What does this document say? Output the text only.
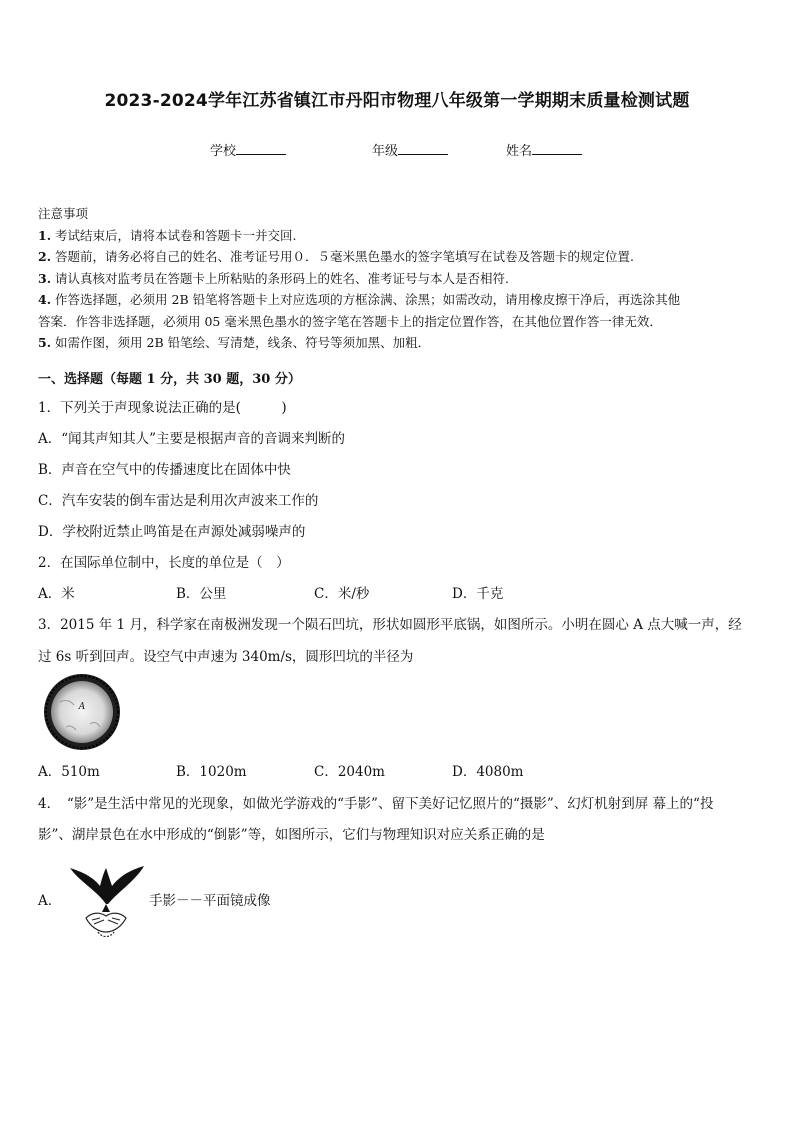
2023-2024学年江苏省镇江市丹阳市物理八年级第一学期期末质量检测试题
学校	年级	姓名
注意事项
1. 考试结束后，请将本试卷和答题卡一并交回.
2. 答题前，请务必将自己的姓名、准考证号用０．５毫米黑色墨水的签字笔填写在试卷及答题卡的规定位置.
3. 请认真核对监考员在答题卡上所粘贴的条形码上的姓名、准考证号与本人是否相符.
4. 作答选择题，必须用 2B 铅笔将答题卡上对应选项的方框涂满、涂黑；如需改动，请用橡皮擦干净后，再选涂其他
答案．作答非选择题，必须用 05 毫米黑色墨水的签字笔在答题卡上的指定位置作答，在其他位置作答一律无效．
5. 如需作图，须用 2B 铅笔绘、写清楚，线条、符号等须加黑、加粗．
一、选择题（每题 1 分，共 30 题，30 分）
1．下列关于声现象说法正确的是(　　　)
A．“闻其声知其人”主要是根据声音的音调来判断的
B．声音在空气中的传播速度比在固体中快
C．汽车安装的倒车雷达是利用次声波来工作的
D．学校附近禁止鸣笛是在声源处减弱噪声的
2．在国际单位制中，长度的单位是（　）
A．米	B．公里	C．米/秒	D．千克
3．2015 年 1 月，科学家在南极洲发现一个陨石凹坑，形状如圆形平底锅，如图所示。小明在圆心 A 点大喊一声，经
过 6s 听到回声。设空气中声速为 340m/s，圆形凹坑的半径为
A
A．510m	B．1020m	C．2040m	D．4080m
4．　“影”是生活中常见的光现象，如做光学游戏的“手影”、留下美好记忆照片的“摄影”、幻灯机射到屏 幕上的“投
影”、湖岸景色在水中形成的“倒影”等，如图所示，它们与物理知识对应关系正确的是
A．	手影－－平面镜成像
